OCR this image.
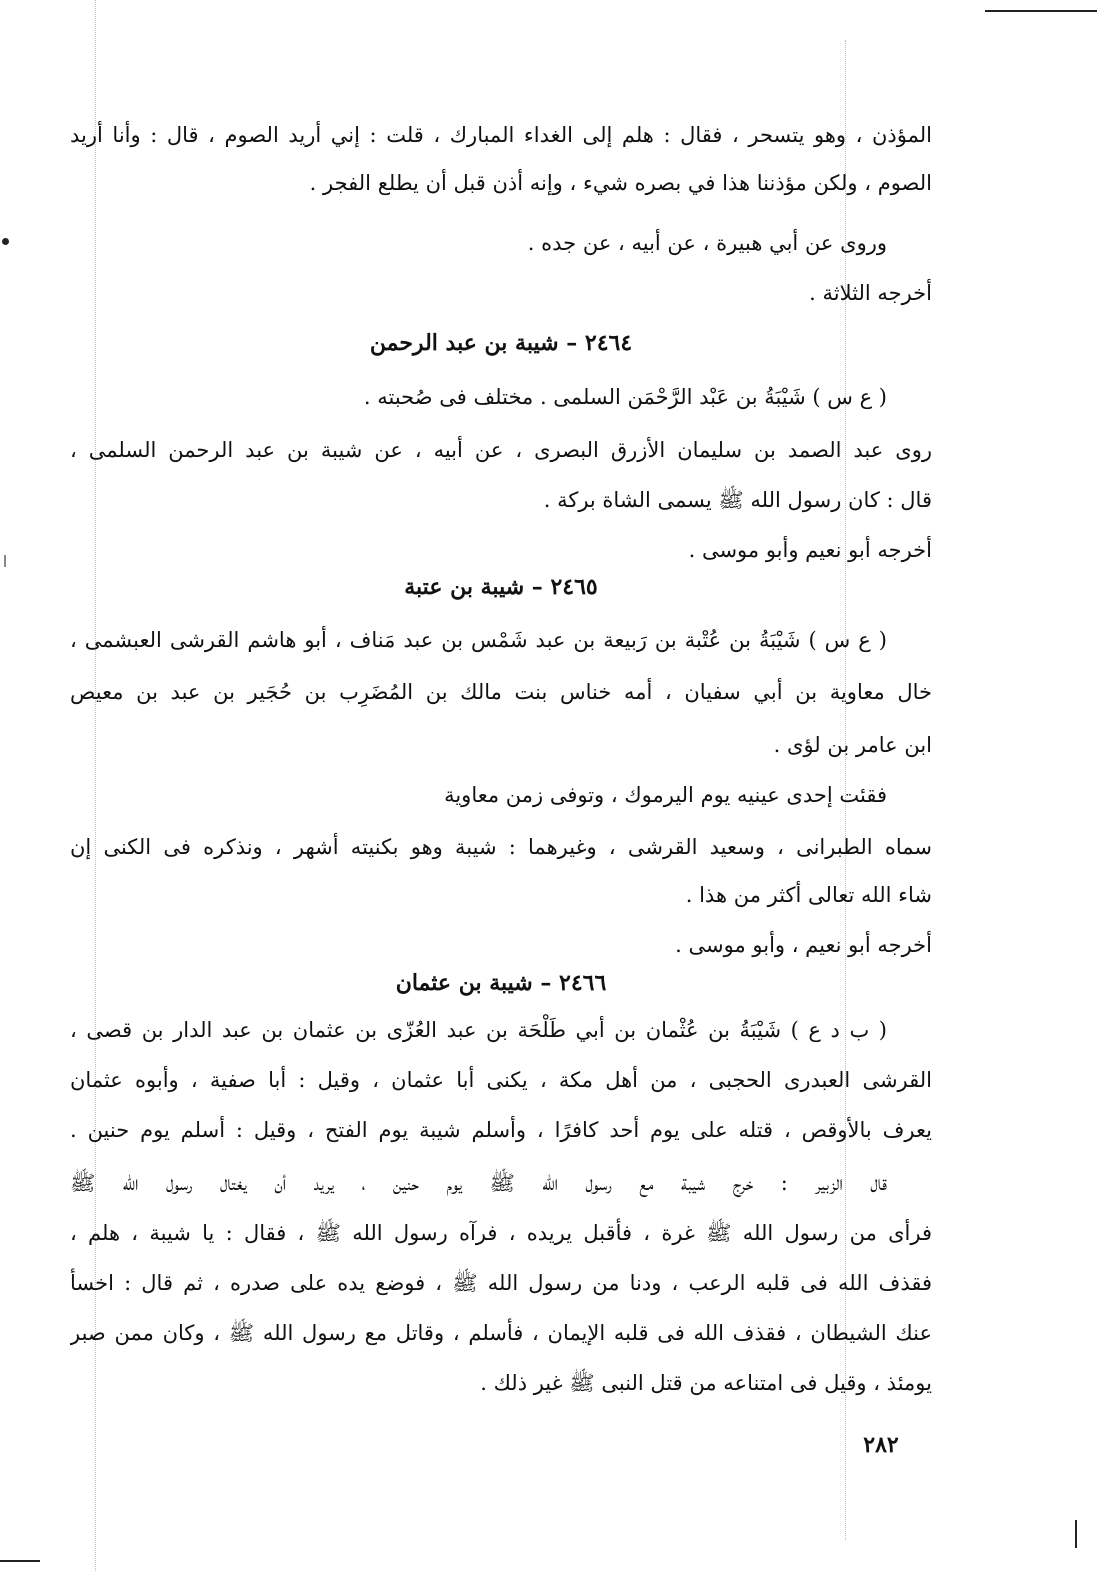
المؤذن ، وهو يتسحر ، فقال : هلم إلى الغداء المبارك ، قلت : إني أريد الصوم ، قال : وأنا أريد
الصوم ، ولكن مؤذننا هذا في بصره شيء ، وإنه أذن قبل أن يطلع الفجر .
وروى عن أبي هبيرة ، عن أبيه ، عن جده .
أخرجه الثلاثة .
٢٤٦٤ – شيبة بن عبد الرحمن
( ع س ) شَيْبَةُ بن عَبْد الرَّحْمَن السلمى . مختلف فى صُحبته .
روى عبد الصمد بن سليمان الأزرق البصرى ، عن أبيه ، عن شيبة بن عبد الرحمن السلمى ،
قال : كان رسول الله ﷺ يسمى الشاة بركة .
أخرجه أبو نعيم وأبو موسى .
٢٤٦٥ – شيبة بن عتبة
( ع س ) شَيْبَةُ بن عُتْبة بن رَبيعة بن عبد شَمْس بن عبد مَناف ، أبو هاشم القرشى العبشمى ،
خال معاوية بن أبي سفيان ، أمه خناس بنت مالك بن المُضَرِب بن حُجَير بن عبد بن معيص
ابن عامر بن لؤى .
فقئت إحدى عينيه يوم اليرموك ، وتوفى زمن معاوية
سماه الطبرانى ، وسعيد القرشى ، وغيرهما : شيبة وهو بكنيته أشهر ، ونذكره فى الكنى إن
شاء الله تعالى أكثر من هذا .
أخرجه أبو نعيم ، وأبو موسى .
٢٤٦٦ – شيبة بن عثمان
( ب د ع ) شَيْبَةُ بن عُثْمان بن أبي طَلْحَة بن عبد العُزّى بن عثمان بن عبد الدار بن قصى ،
القرشى العبدرى الحجبى ، من أهل مكة ، يكنى أبا عثمان ، وقيل : أبا صفية ، وأبوه عثمان
يعرف بالأوقص ، قتله على يوم أحد كافرًا ، وأسلم شيبة يوم الفتح ، وقيل : أسلم يوم حنين .
قال الزبير : خرج شيبة مع رسول الله ﷺ يوم حنين ، يريد أن يغتال رسول الله ﷺ
فرأى من رسول الله ﷺ غرة ، فأقبل يريده ، فرآه رسول الله ﷺ ، فقال : يا شيبة ، هلم ،
فقذف الله فى قلبه الرعب ، ودنا من رسول الله ﷺ ، فوضع يده على صدره ، ثم قال : اخسأ
عنك الشيطان ، فقذف الله فى قلبه الإيمان ، فأسلم ، وقاتل مع رسول الله ﷺ ، وكان ممن صبر
يومئذ ، وقيل فى امتناعه من قتل النبى ﷺ غير ذلك .
٢٨٢
